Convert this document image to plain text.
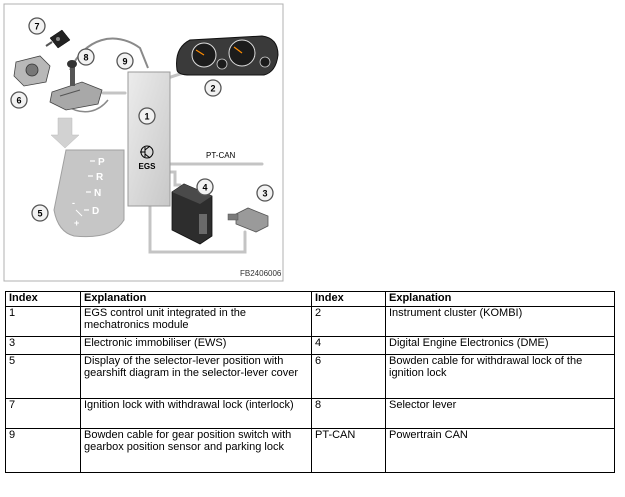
EGS
P
R
N
D
-
+
PT-CAN
1
2
3
4
5
6
7
8	9
FB2406006
Index	Explanation	Index	Explanation
1	EGS control unit integrated in the mechatronics module	2	Instrument cluster (KOMBI)
3	Electronic immobiliser (EWS)	4	Digital Engine Electronics (DME)
5	Display of the selector-lever position with gearshift diagram in the selector-lever cover	6	Bowden cable for withdrawal lock of the ignition lock
7	Ignition lock with withdrawal lock (interlock)	8	Selector lever
9	Bowden cable for gear position switch with gearbox position sensor and parking lock	PT-CAN	Powertrain CAN
